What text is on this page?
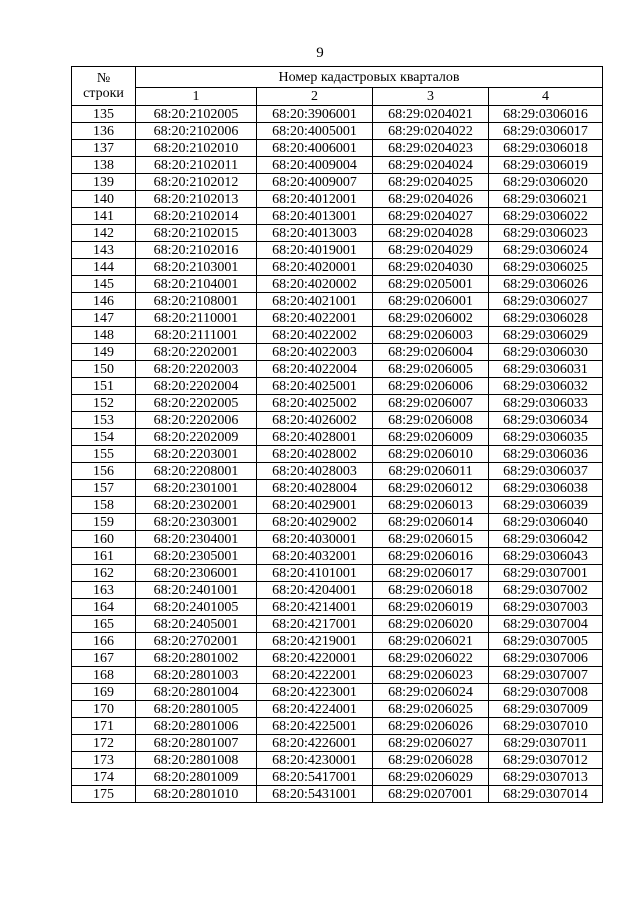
9
№
строки	Номер кадастровых кварталов			
	1	2	3	4
135	68:20:2102005	68:20:3906001	68:29:0204021	68:29:0306016
136	68:20:2102006	68:20:4005001	68:29:0204022	68:29:0306017
137	68:20:2102010	68:20:4006001	68:29:0204023	68:29:0306018
138	68:20:2102011	68:20:4009004	68:29:0204024	68:29:0306019
139	68:20:2102012	68:20:4009007	68:29:0204025	68:29:0306020
140	68:20:2102013	68:20:4012001	68:29:0204026	68:29:0306021
141	68:20:2102014	68:20:4013001	68:29:0204027	68:29:0306022
142	68:20:2102015	68:20:4013003	68:29:0204028	68:29:0306023
143	68:20:2102016	68:20:4019001	68:29:0204029	68:29:0306024
144	68:20:2103001	68:20:4020001	68:29:0204030	68:29:0306025
145	68:20:2104001	68:20:4020002	68:29:0205001	68:29:0306026
146	68:20:2108001	68:20:4021001	68:29:0206001	68:29:0306027
147	68:20:2110001	68:20:4022001	68:29:0206002	68:29:0306028
148	68:20:2111001	68:20:4022002	68:29:0206003	68:29:0306029
149	68:20:2202001	68:20:4022003	68:29:0206004	68:29:0306030
150	68:20:2202003	68:20:4022004	68:29:0206005	68:29:0306031
151	68:20:2202004	68:20:4025001	68:29:0206006	68:29:0306032
152	68:20:2202005	68:20:4025002	68:29:0206007	68:29:0306033
153	68:20:2202006	68:20:4026002	68:29:0206008	68:29:0306034
154	68:20:2202009	68:20:4028001	68:29:0206009	68:29:0306035
155	68:20:2203001	68:20:4028002	68:29:0206010	68:29:0306036
156	68:20:2208001	68:20:4028003	68:29:0206011	68:29:0306037
157	68:20:2301001	68:20:4028004	68:29:0206012	68:29:0306038
158	68:20:2302001	68:20:4029001	68:29:0206013	68:29:0306039
159	68:20:2303001	68:20:4029002	68:29:0206014	68:29:0306040
160	68:20:2304001	68:20:4030001	68:29:0206015	68:29:0306042
161	68:20:2305001	68:20:4032001	68:29:0206016	68:29:0306043
162	68:20:2306001	68:20:4101001	68:29:0206017	68:29:0307001
163	68:20:2401001	68:20:4204001	68:29:0206018	68:29:0307002
164	68:20:2401005	68:20:4214001	68:29:0206019	68:29:0307003
165	68:20:2405001	68:20:4217001	68:29:0206020	68:29:0307004
166	68:20:2702001	68:20:4219001	68:29:0206021	68:29:0307005
167	68:20:2801002	68:20:4220001	68:29:0206022	68:29:0307006
168	68:20:2801003	68:20:4222001	68:29:0206023	68:29:0307007
169	68:20:2801004	68:20:4223001	68:29:0206024	68:29:0307008
170	68:20:2801005	68:20:4224001	68:29:0206025	68:29:0307009
171	68:20:2801006	68:20:4225001	68:29:0206026	68:29:0307010
172	68:20:2801007	68:20:4226001	68:29:0206027	68:29:0307011
173	68:20:2801008	68:20:4230001	68:29:0206028	68:29:0307012
174	68:20:2801009	68:20:5417001	68:29:0206029	68:29:0307013
175	68:20:2801010	68:20:5431001	68:29:0207001	68:29:0307014
